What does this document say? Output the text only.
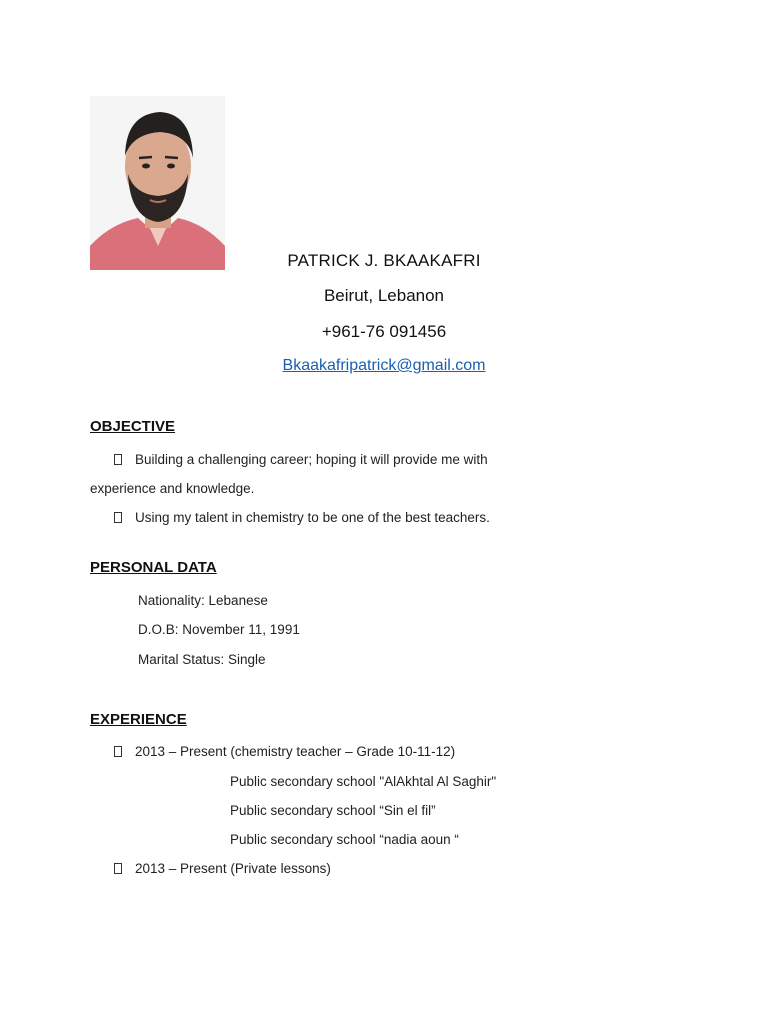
PATRICK J. BKAAKAFRI
Beirut, Lebanon
+961-76 091456
Bkaakafripatrick@gmail.com
OBJECTIVE
Building a challenging career; hoping it will provide me with
experience and knowledge.
Using my talent in chemistry to be one of the best teachers.
PERSONAL DATA
Nationality: Lebanese
D.O.B: November 11, 1991
Marital Status: Single
EXPERIENCE
2013 – Present (chemistry teacher – Grade 10-11-12)
Public secondary school "AlAkhtal Al Saghir"
Public secondary school “Sin el fil”
Public secondary school “nadia aoun “
2013 – Present (Private lessons)
